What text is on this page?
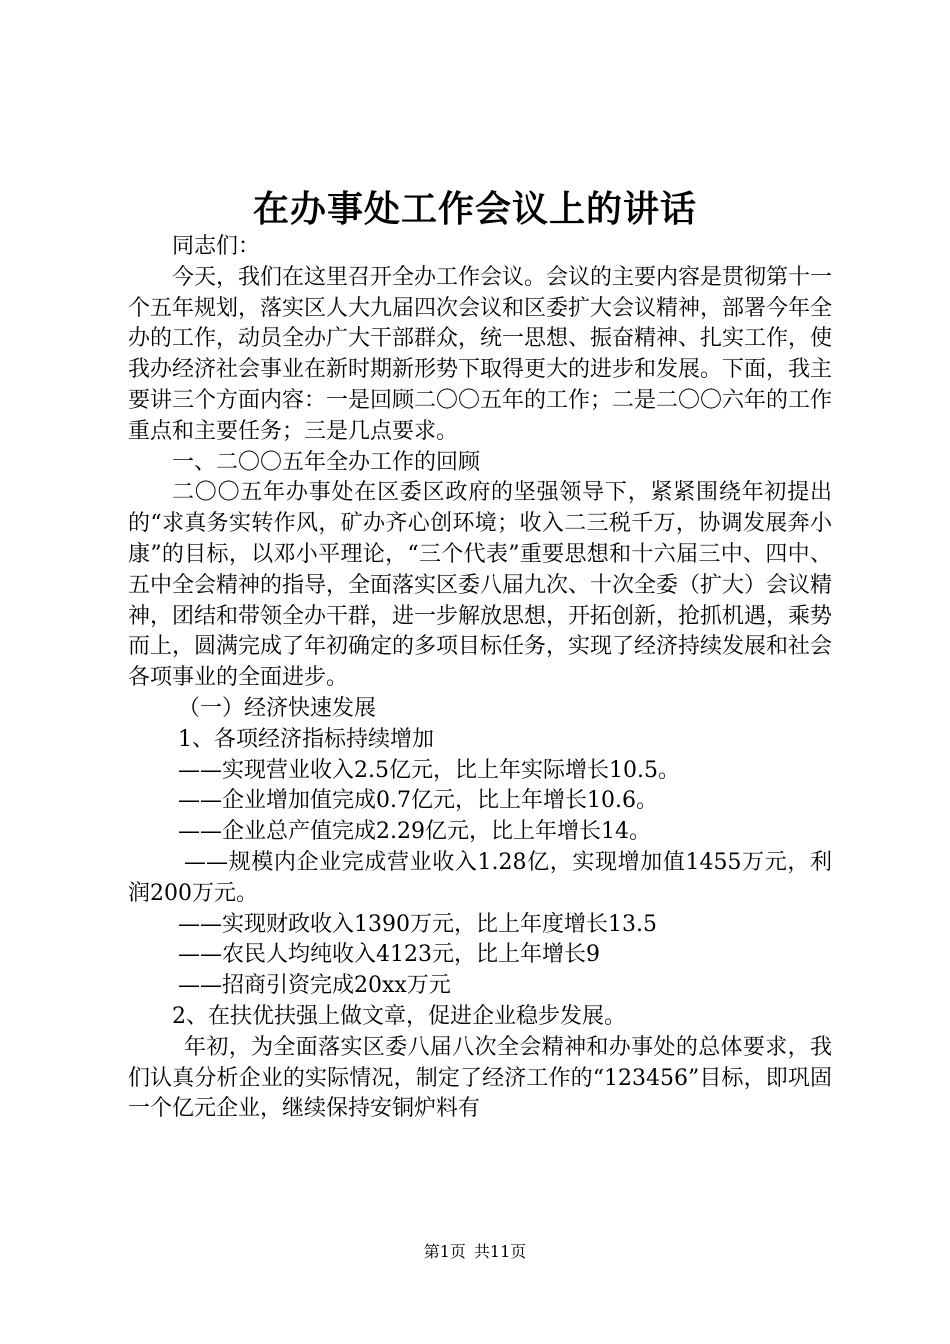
在办事处工作会议上的讲话

同志们：

今天，我们在这里召开全办工作会议。会议的主要内容是贯彻第十一个五年规划，落实区人大九届四次会议和区委扩大会议精神，部署今年全办的工作，动员全办广大干部群众，统一思想、振奋精神、扎实工作，使我办经济社会事业在新时期新形势下取得更大的进步和发展。下面，我主要讲三个方面内容：一是回顾二〇〇五年的工作；二是二〇〇六年的工作重点和主要任务；三是几点要求。

一、二〇〇五年全办工作的回顾

二〇〇五年办事处在区委区政府的坚强领导下，紧紧围绕年初提出的“求真务实转作风，矿办齐心创环境；收入二三税千万，协调发展奔小康”的目标，以邓小平理论，“三个代表”重要思想和十六届三中、四中、五中全会精神的指导，全面落实区委八届九次、十次全委（扩大）会议精神，团结和带领全办干群，进一步解放思想，开拓创新，抢抓机遇，乘势而上，圆满完成了年初确定的多项目标任务，实现了经济持续发展和社会各项事业的全面进步。

（一）经济快速发展

1、各项经济指标持续增加

——实现营业收入2.5亿元，比上年实际增长10.5。

——企业增加值完成0.7亿元，比上年增长10.6。

——企业总产值完成2.29亿元，比上年增长14。

——规模内企业完成营业收入1.28亿，实现增加值1455万元，利润200万元。

——实现财政收入1390万元，比上年度增长13.5

——农民人均纯收入4123元，比上年增长9

——招商引资完成20xx万元

2、在扶优扶强上做文章，促进企业稳步发展。

年初，为全面落实区委八届八次全会精神和办事处的总体要求，我们认真分析企业的实际情况，制定了经济工作的“123456”目标，即巩固一个亿元企业，继续保持安铜炉料有

第1页 共11页
